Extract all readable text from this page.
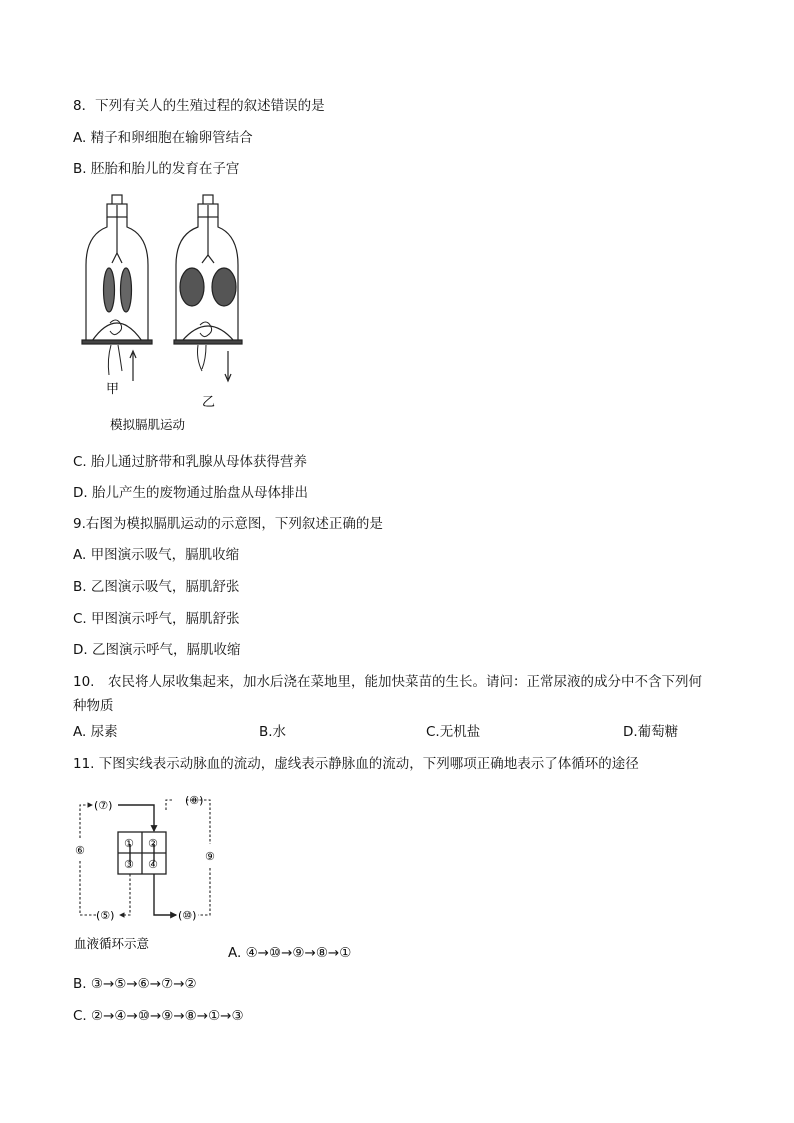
8．下列有关人的生殖过程的叙述错误的是
A. 精子和卵细胞在输卵管结合
B. 胚胎和胎儿的发育在子宫
甲
乙
模拟膈肌运动
C. 胎儿通过脐带和乳腺从母体获得营养
D. 胎儿产生的废物通过胎盘从母体排出
9.右图为模拟膈肌运动的示意图，下列叙述正确的是
A. 甲图演示吸气，膈肌收缩
B. 乙图演示吸气，膈肌舒张
C. 甲图演示呼气，膈肌舒张
D. 乙图演示呼气，膈肌收缩
10.　农民将人尿收集起来，加水后浇在菜地里，能加快菜苗的生长。请问：正常尿液的成分中不含下列何
种物质
A. 尿素	B.水	C.无机盐	D.葡萄糖
11. 下图实线表示动脉血的流动，虚线表示静脉血的流动，下列哪项正确地表示了体循环的途径
(⑦)	(⑧)
⑥	⑨
① ②
③ ④
(⑤)	(⑩)
血液循环示意
A. ④→⑩→⑨→⑧→①
B. ③→⑤→⑥→⑦→②
C. ②→④→⑩→⑨→⑧→①→③
